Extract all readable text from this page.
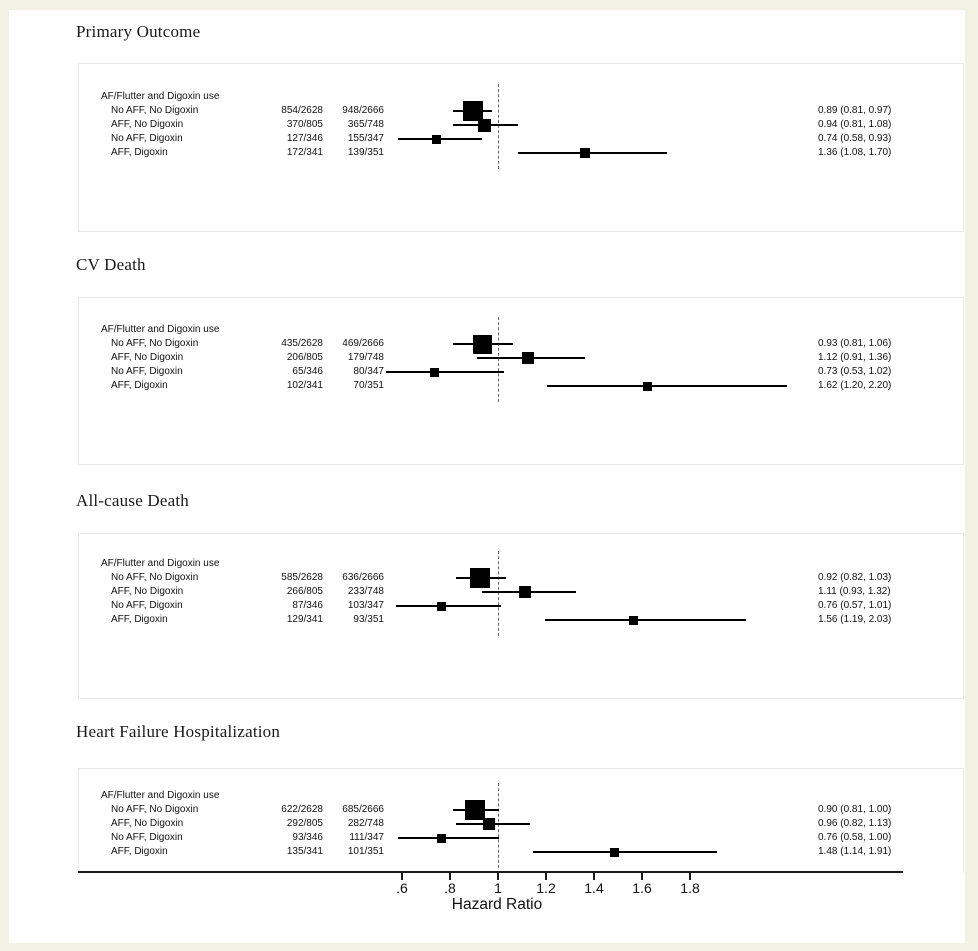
Hazard Ratio
Primary Outcome
AF/Flutter and Digoxin use
No AFF, No Digoxin	854/2628	948/2666	0.89 (0.81, 0.97)
AFF, No Digoxin	370/805	365/748	0.94 (0.81, 1.08)
No AFF, Digoxin	127/346	155/347	0.74 (0.58, 0.93)
AFF, Digoxin	172/341	139/351	1.36 (1.08, 1.70)
CV Death
AF/Flutter and Digoxin use
No AFF, No Digoxin	435/2628	469/2666	0.93 (0.81, 1.06)
AFF, No Digoxin	206/805	179/748	1.12 (0.91, 1.36)
No AFF, Digoxin	65/346	80/347	0.73 (0.53, 1.02)
AFF, Digoxin	102/341	70/351	1.62 (1.20, 2.20)
All-cause Death
AF/Flutter and Digoxin use
No AFF, No Digoxin	585/2628	636/2666	0.92 (0.82, 1.03)
AFF, No Digoxin	266/805	233/748	1.11 (0.93, 1.32)
No AFF, Digoxin	87/346	103/347	0.76 (0.57, 1.01)
AFF, Digoxin	129/341	93/351	1.56 (1.19, 2.03)
Heart Failure Hospitalization
AF/Flutter and Digoxin use
No AFF, No Digoxin	622/2628	685/2666	0.90 (0.81, 1.00)
AFF, No Digoxin	292/805	282/748	0.96 (0.82, 1.13)
No AFF, Digoxin	93/346	111/347	0.76 (0.58, 1.00)
AFF, Digoxin	135/341	101/351	1.48 (1.14, 1.91)
.6	.8	1	1.2	1.4	1.6	1.8
